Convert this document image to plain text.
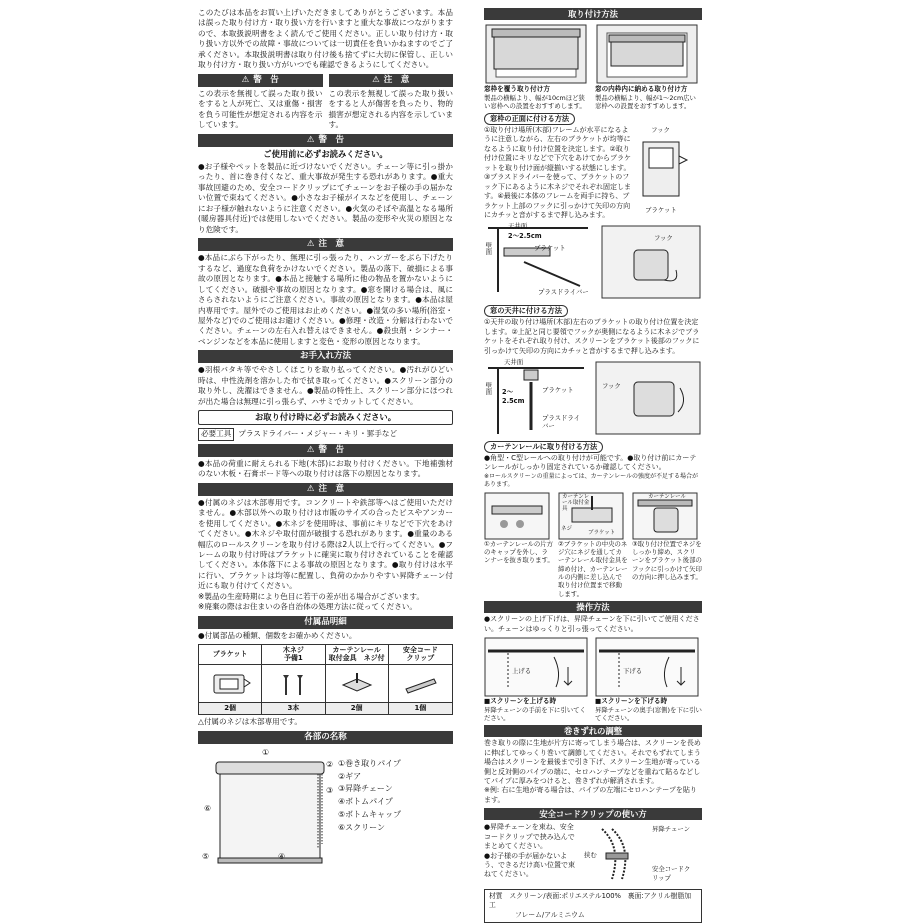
このたびは本品をお買い上げいただきましてありがとうございます。本品は誤った取り付け方・取り扱い方を行いますと重大な事故につながりますので、本取扱説明書をよく読んでご使用ください。正しい取り付け方・取り扱い方以外での故障・事故については一切責任を負いかねますのでご了承ください。本取扱説明書は取り付け後も捨てずに大切に保管し、正しい取り付け方・取り扱い方がいつでも確認できるようにしてください。

⚠ 警　告

この表示を無視して誤った取り扱いをすると人が死亡、又は重傷・損害を負う可能性が想定される内容を示しています。

⚠ 注　意

この表示を無視して誤った取り扱いをすると人が傷害を負ったり、物的損害が想定される内容を示しています。

⚠ 警　告
ご使用前に必ずお読みください。

●お子様やペットを製品に近づけないでください。チェーン等に引っ掛かったり、首に巻き付くなど、重大事故が発生する恐れがあります。●重大事故回避のため、安全コードクリップにてチェーンをお子様の手の届かない位置で束ねてください。●小さなお子様がイスなどを使用し、チェーンにお子様が触れないように注意ください。●火気のそばや高温となる場所(暖房器具付近)では使用しないでください。製品の変形や火災の原因となり危険です。

⚠ 注　意

●本品にぶら下がったり、無理に引っ張ったり、ハンガーをぶら下げたりするなど、過度な負荷をかけないでください。製品の落下、破損による事故の原因となります。●本品と接触する場所に他の物品を置かないようにしてください。破損や事故の原因となります。●窓を開ける場合は、風にさらされないようにご注意ください。事故の原因となります。●本品は屋内専用です。屋外でのご使用はお止めください。●湿気の多い場所(浴室・屋外など)でのご使用はお避けください。●修理・改造・分解は行わないでください。チェーンの左右入れ替えはできません。●殺虫剤・シンナー・ベンジンなどを本品に使用しますと変色・変形の原因となります。

お手入れ方法

●羽根バタキ等でやさしくほこりを取り払ってください。●汚れがひどい時は、中性洗剤を溶かした布で拭き取ってください。●スクリーン部分の取り外し、洗濯はできません。●製品の特性上、スクリーン部分にほつれが出た場合は無理に引っ張らず、ハサミでカットしてください。

お取り付け時に必ずお読みください。
必要工具 プラスドライバー・メジャー・キリ・罫手など
⚠ 警　告

●本品の荷重に耐えられる下地(木部)にお取り付けください。下地補強材のない木板・石膏ボード等への取り付けは落下の原因となります。

⚠ 注　意

●付属のネジは木部専用です。コンクリートや鉄部等へはご使用いただけません。●木部以外への取り付けは市販のサイズの合ったビスやアンカーを使用してください。●木ネジを使用時は、事前にキリなどで下穴をあけてください。●木ネジや取付面が破損する恐れがあります。●重量のある幅広のロールスクリーンを取り付ける際は2人以上で行ってください。●フレームの取り付け時はブラケットに確実に取り付けされていることを確認してください。本体落下による事故の原因となります。●取り付けは水平に行い、ブラケットは均等に配置し、負荷のかかりやすい昇降チェーン付近にも取り付けてください。

※製品の生産時期により色目に若干の差が出る場合がございます。

※廃棄の際はお住まいの各自治体の処理方法に従ってください。

付属品明細

●付属部品の種類、個数をお確かめください。

ブラケット
2個
木ネジ
予備1
3本
カーテンレール
取付金具　ネジ付
2個
安全コード
クリップ
1個

△付属のネジは木部専用です。

各部の名称
①
②
③
④
⑤
⑥
①巻き取りパイプ
②ギア
③昇降チェーン
④ボトムパイプ
⑤ボトムキャップ
⑥スクリーン
取り付け方法
窓枠を覆う取り付け方
製品の横幅より、幅が10cmほど狭い窓枠への設置をおすすめします。
窓の内枠内に納める取り付け方
製品の横幅より、幅が1〜2cm広い窓枠への設置をおすすめします。
窓枠の正面に付ける方法
①取り付け場所(木部)フレームが水平になるように注意しながら、左右のブラケットが均等になるように取り付け位置を決定します。②取り付け位置にキリなどで下穴をあけてからブラケットを取り付け面が縦揃いする状態にします。③プラスドライバーを使って、ブラケットのフック下にあるように木ネジでそれぞれ固定します。④最後に本体のフレームを両手に持ち、ブラケット上部のフックに引っかけて矢印の方向にカチッと音がするまで押し込みます。
フック
ブラケット
天井面
壁面
2〜2.5cm
ブラケット
プラスドライバー
フック
窓の天井に付ける方法
①天井の取り付け場所(木部)左右のブラケットの取り付け位置を決定します。②上記と同じ要領でフックが奥側になるように木ネジでブラケットをそれぞれ取り付け、スクリーンをブラケット後部のフックに引っかけて矢印の方向にカチッと音がするまで押し込みます。
天井面
壁面 2〜2.5cm
ブラケット
プラスドライバー
フック
カーテンレールに取り付ける方法
●角型・C型レールへの取り付けが可能です。●取り付け前にカーテンレールがしっかり固定されているか確認してください。
※ロールスクリーンの重量によっては、カーテンレールの強度が不足する場合があります。
①カーテンレールの片方のキャップを外し、ランナーを抜き取ります。
カーテンレール取付金具
ネジ
ブラケット
②ブラケットの中央のネジ穴にネジを通してカーテンレール取付金具を締め付け、カーテンレールの内側に差し込んで取り付け位置まで移動します。
カーテンレール
③取り付け位置でネジをしっかり締め、スクリーンをブラケット後部のフックに引っかけて矢印の方向に押し込みます。
操作方法
●スクリーンの上げ下げは、昇降チェーンを下に引いてご使用ください。チェーンはゆっくりと引っ張ってください。
上げる
■スクリーンを上げる時
昇降チェーンの手前を下に引いてください。
下げる
■スクリーンを下げる時
昇降チェーンの奥手(窓側)を下に引いてください。
巻きずれの調整
巻き取りの際に生地が片方に寄ってしまう場合は、スクリーンを長めに伸ばしてゆっくり巻いて調節してください。それでもずれてしまう場合はスクリーンを最後まで引き下げ、スクリーン生地が寄っている側と反対側のパイプの端に、セロハンテープなどを重ねて貼るなどしてパイプに厚みをつけると、巻きずれが解消されます。
※例: 右に生地が寄る場合は、パイプの左端にセロハンテープを貼ります。
安全コードクリップの使い方
●昇降チェーンを束ね、安全コードクリップで挟み込んでまとめてください。
●お子様の手が届かないよう、できるだけ高い位置で束ねてください。
昇降チェーン
挟む
安全コードクリップ
材質　 スクリーン/表面:ポリエステル100%　裏面:アクリル樹脂加工
フレーム/アルミニウム
